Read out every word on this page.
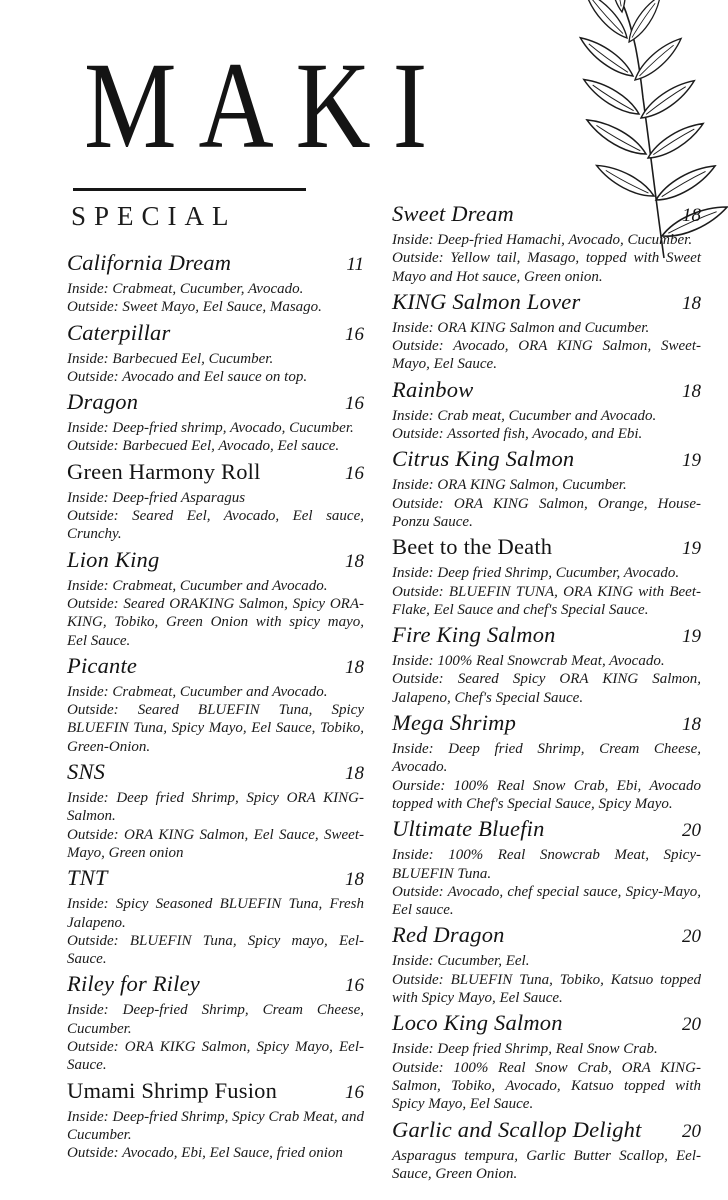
MAKI
SPECIAL
California Dream	11
Inside: Crabmeat, Cucumber, Avocado.
Outside: Sweet Mayo, Eel Sauce, Masago.
Caterpillar	16
Inside: Barbecued Eel, Cucumber.
Outside: Avocado and Eel sauce on top.
Dragon	16
Inside: Deep-fried shrimp, Avocado, Cucumber.
Outside: Barbecued Eel, Avocado, Eel sauce.
Green Harmony Roll	16
Inside: Deep-fried Asparagus
Outside: Seared Eel, Avocado, Eel sauce, Crunchy.
Lion King	18
Inside: Crabmeat, Cucumber and Avocado.
Outside: Seared ORAKING Salmon, Spicy ORA-KING, Tobiko, Green Onion with spicy mayo, Eel Sauce.
Picante	18
Inside: Crabmeat, Cucumber and Avocado.
Outside: Seared BLUEFIN Tuna, Spicy BLUEFIN Tuna, Spicy Mayo, Eel Sauce, Tobiko, Green-Onion.
SNS	18
Inside: Deep fried Shrimp, Spicy ORA KING-Salmon.
Outside: ORA KING Salmon, Eel Sauce, Sweet-Mayo, Green onion
TNT	18
Inside: Spicy Seasoned BLUEFIN Tuna, Fresh Jalapeno.
Outside: BLUEFIN Tuna, Spicy mayo, Eel-Sauce.
Riley for Riley	16
Inside: Deep-fried Shrimp, Cream Cheese, Cucumber.
Outside: ORA KIKG Salmon, Spicy Mayo, Eel-Sauce.
Umami Shrimp Fusion	16
Inside: Deep-fried Shrimp, Spicy Crab Meat, and Cucumber.
Outside: Avocado, Ebi, Eel Sauce, fried onion
Sweet Dream	18
Inside: Deep-fried Hamachi, Avocado, Cucumber.
Outside: Yellow tail, Masago, topped with Sweet Mayo and Hot sauce, Green onion.
KING Salmon Lover	18
Inside: ORA KING Salmon and Cucumber.
Outside: Avocado, ORA KING Salmon, Sweet-Mayo, Eel Sauce.
Rainbow	18
Inside: Crab meat, Cucumber and Avocado.
Outside: Assorted fish, Avocado, and Ebi.
Citrus King Salmon	19
Inside: ORA KING Salmon, Cucumber.
Outside: ORA KING Salmon, Orange, House-Ponzu Sauce.
Beet to the Death	19
Inside: Deep fried Shrimp, Cucumber, Avocado.
Outside: BLUEFIN TUNA, ORA KING with Beet-Flake, Eel Sauce and chef's Special Sauce.
Fire King Salmon	19
Inside: 100% Real Snowcrab Meat, Avocado.
Outside: Seared Spicy ORA KING Salmon, Jalapeno, Chef's Special Sauce.
Mega Shrimp	18
Inside: Deep fried Shrimp, Cream Cheese, Avocado.
Ourside: 100% Real Snow Crab, Ebi, Avocado topped with Chef's Special Sauce, Spicy Mayo.
Ultimate Bluefin	20
Inside: 100% Real Snowcrab Meat, Spicy-BLUEFIN Tuna.
Outside: Avocado, chef special sauce, Spicy-Mayo, Eel sauce.
Red Dragon	20
Inside: Cucumber, Eel.
Outside: BLUEFIN Tuna, Tobiko, Katsuo topped with Spicy Mayo, Eel Sauce.
Loco King Salmon	20
Inside: Deep fried Shrimp, Real Snow Crab.
Outside: 100% Real Snow Crab, ORA KING-Salmon, Tobiko, Avocado, Katsuo topped with Spicy Mayo, Eel Sauce.
Garlic and Scallop Delight	20
Asparagus tempura, Garlic Butter Scallop, Eel-Sauce, Green Onion.
